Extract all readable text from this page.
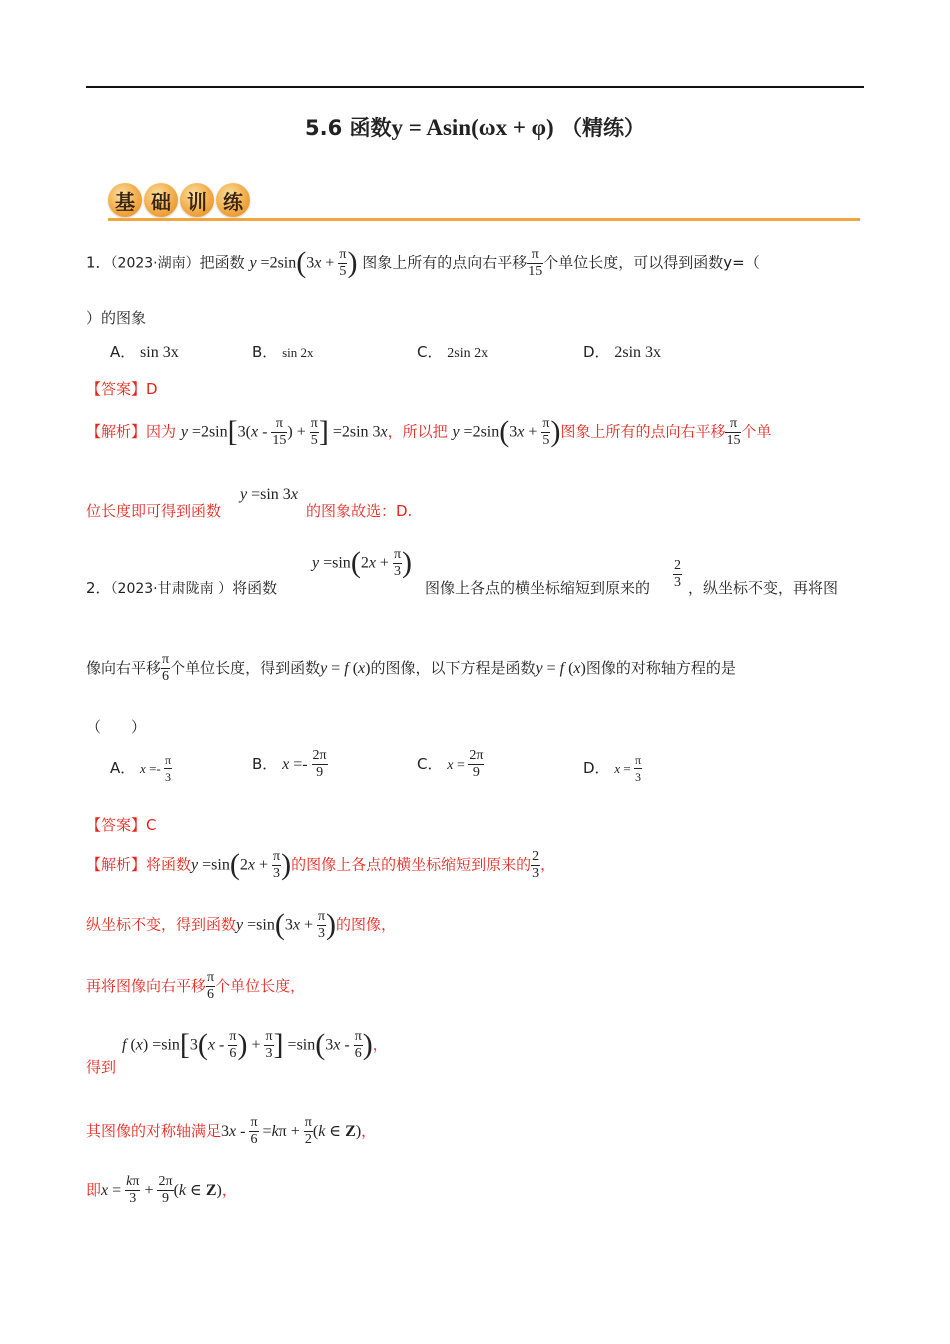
5.6 函数y = Asin(ωx + φ) （精练）
基 础 训 练
1．（2023·湖南）把函数 $y =2\sin(3x + \frac{\pi}{5}$ ) 图象上所有的点向右平移 $\frac{\pi}{15}$ 个单位长度，可以得到函数y=（
）的图象
A． sin 3x	B． sin 2x	C． 2sin 2x	D． 2sin 3x
【答案】D
【解析】因为 $y =2\sin[3(x - \frac{\pi}{15}$ ) + $\frac{\pi}{5}$ ] =2sin 3x，所以把 $y =2\sin(3x + \frac{\pi}{5}$ )图象上所有的点向右平移 $\frac{\pi}{15}$ 个单
位长度即可得到函数
y =sin 3x
的图象故选：D.
2．（2023·甘肃陇南 ）将函数
$y =\sin(2x + \frac{\pi}{3}$ )
图像上各点的横坐标缩短到原来的 $\frac{2}{3}$ ，纵坐标不变，再将图
像向右平移 $\frac{\pi}{6}$ 个单位长度，得到函数y = f (x)的图像，以下方程是函数y = f (x)图像的对称轴方程的是
（　　）
A． $x =- \frac{\pi}{3}$	B． $x =- \frac{2\pi}{9}$	C． $x = \frac{2\pi}{9}$	D． $x = \frac{\pi}{3}$
【答案】C
【解析】将函数$y =\sin(2x + \frac{\pi}{3}$ )的图像上各点的横坐标缩短到原来的 $\frac{2}{3}$ ，
纵坐标不变，得到函数$y =\sin(3x + \frac{\pi}{3}$ )的图像，
再将图像向右平移 $\frac{\pi}{6}$ 个单位长度，
得到
f $(x) =\sin[3(x - \frac{\pi}{6}$ ) + $\frac{\pi}{3}$ ] $=\sin(3x - \frac{\pi}{6}$ )，
其图像的对称轴满足$3x - \frac{\pi}{6} =k\pi + \frac{\pi}{2} (k$ ∈ Z)，
即$x = \frac{k\pi}{3} + \frac{2\pi}{9} (k$ ∈ Z)，
